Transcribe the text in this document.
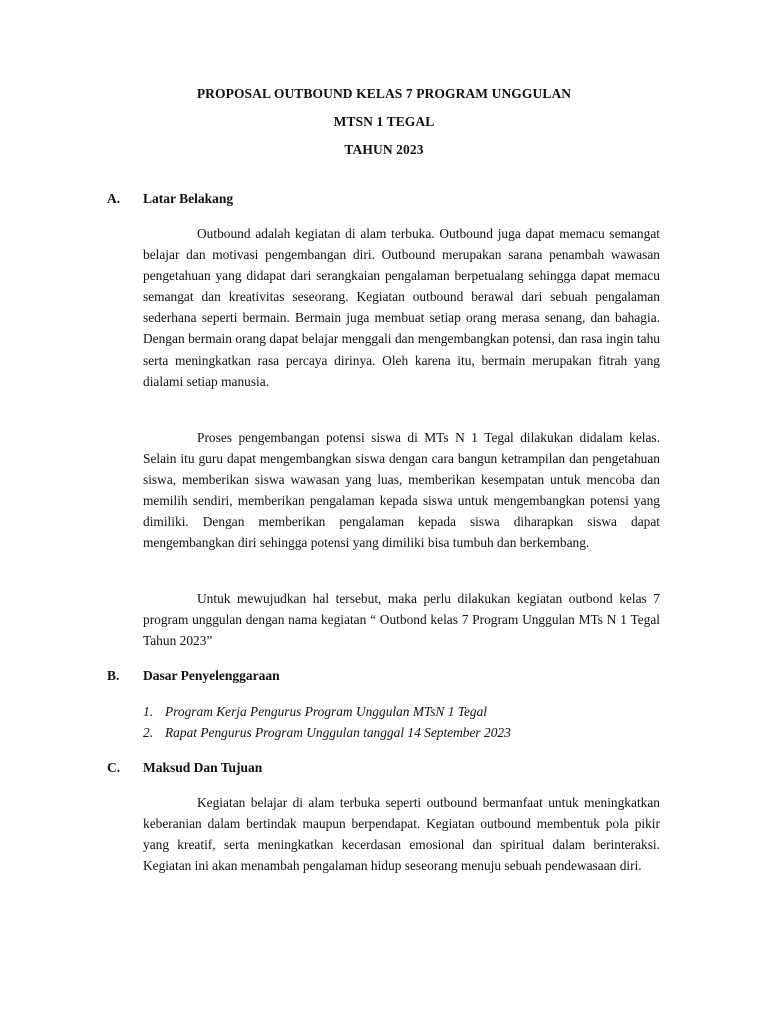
PROPOSAL OUTBOUND KELAS 7 PROGRAM UNGGULAN
MTSN 1 TEGAL
TAHUN 2023
A. Latar Belakang

Outbound adalah kegiatan di alam terbuka. Outbound juga dapat memacu semangat belajar dan motivasi pengembangan diri. Outbound merupakan sarana penambah wawasan pengetahuan yang didapat dari serangkaian pengalaman berpetualang sehingga dapat memacu semangat dan kreativitas seseorang. Kegiatan outbound berawal dari sebuah pengalaman sederhana seperti bermain. Bermain juga membuat setiap orang merasa senang, dan bahagia. Dengan bermain orang dapat belajar menggali dan mengembangkan potensi, dan rasa ingin tahu serta meningkatkan rasa percaya dirinya. Oleh karena itu, bermain merupakan fitrah yang dialami setiap manusia.

Proses pengembangan potensi siswa di MTs N 1 Tegal dilakukan didalam kelas. Selain itu guru dapat mengembangkan siswa dengan cara bangun ketrampilan dan pengetahuan siswa, memberikan siswa wawasan yang luas, memberikan kesempatan untuk mencoba dan memilih sendiri, memberikan pengalaman kepada siswa untuk mengembangkan potensi yang dimiliki. Dengan memberikan pengalaman kepada siswa diharapkan siswa dapat mengembangkan diri sehingga potensi yang dimiliki bisa tumbuh dan berkembang.

Untuk mewujudkan hal tersebut, maka perlu dilakukan kegiatan outbond kelas 7 program unggulan dengan nama kegiatan “ Outbond kelas 7 Program Unggulan MTs N 1 Tegal Tahun 2023”

B. Dasar Penyelenggaraan
1. Program Kerja Pengurus Program Unggulan MTsN 1 Tegal
2. Rapat Pengurus Program Unggulan tanggal 14 September 2023
C. Maksud Dan Tujuan

Kegiatan belajar di alam terbuka seperti outbound bermanfaat untuk meningkatkan keberanian dalam bertindak maupun berpendapat. Kegiatan outbound membentuk pola pikir yang kreatif, serta meningkatkan kecerdasan emosional dan spiritual dalam berinteraksi. Kegiatan ini akan menambah pengalaman hidup seseorang menuju sebuah pendewasaan diri.
